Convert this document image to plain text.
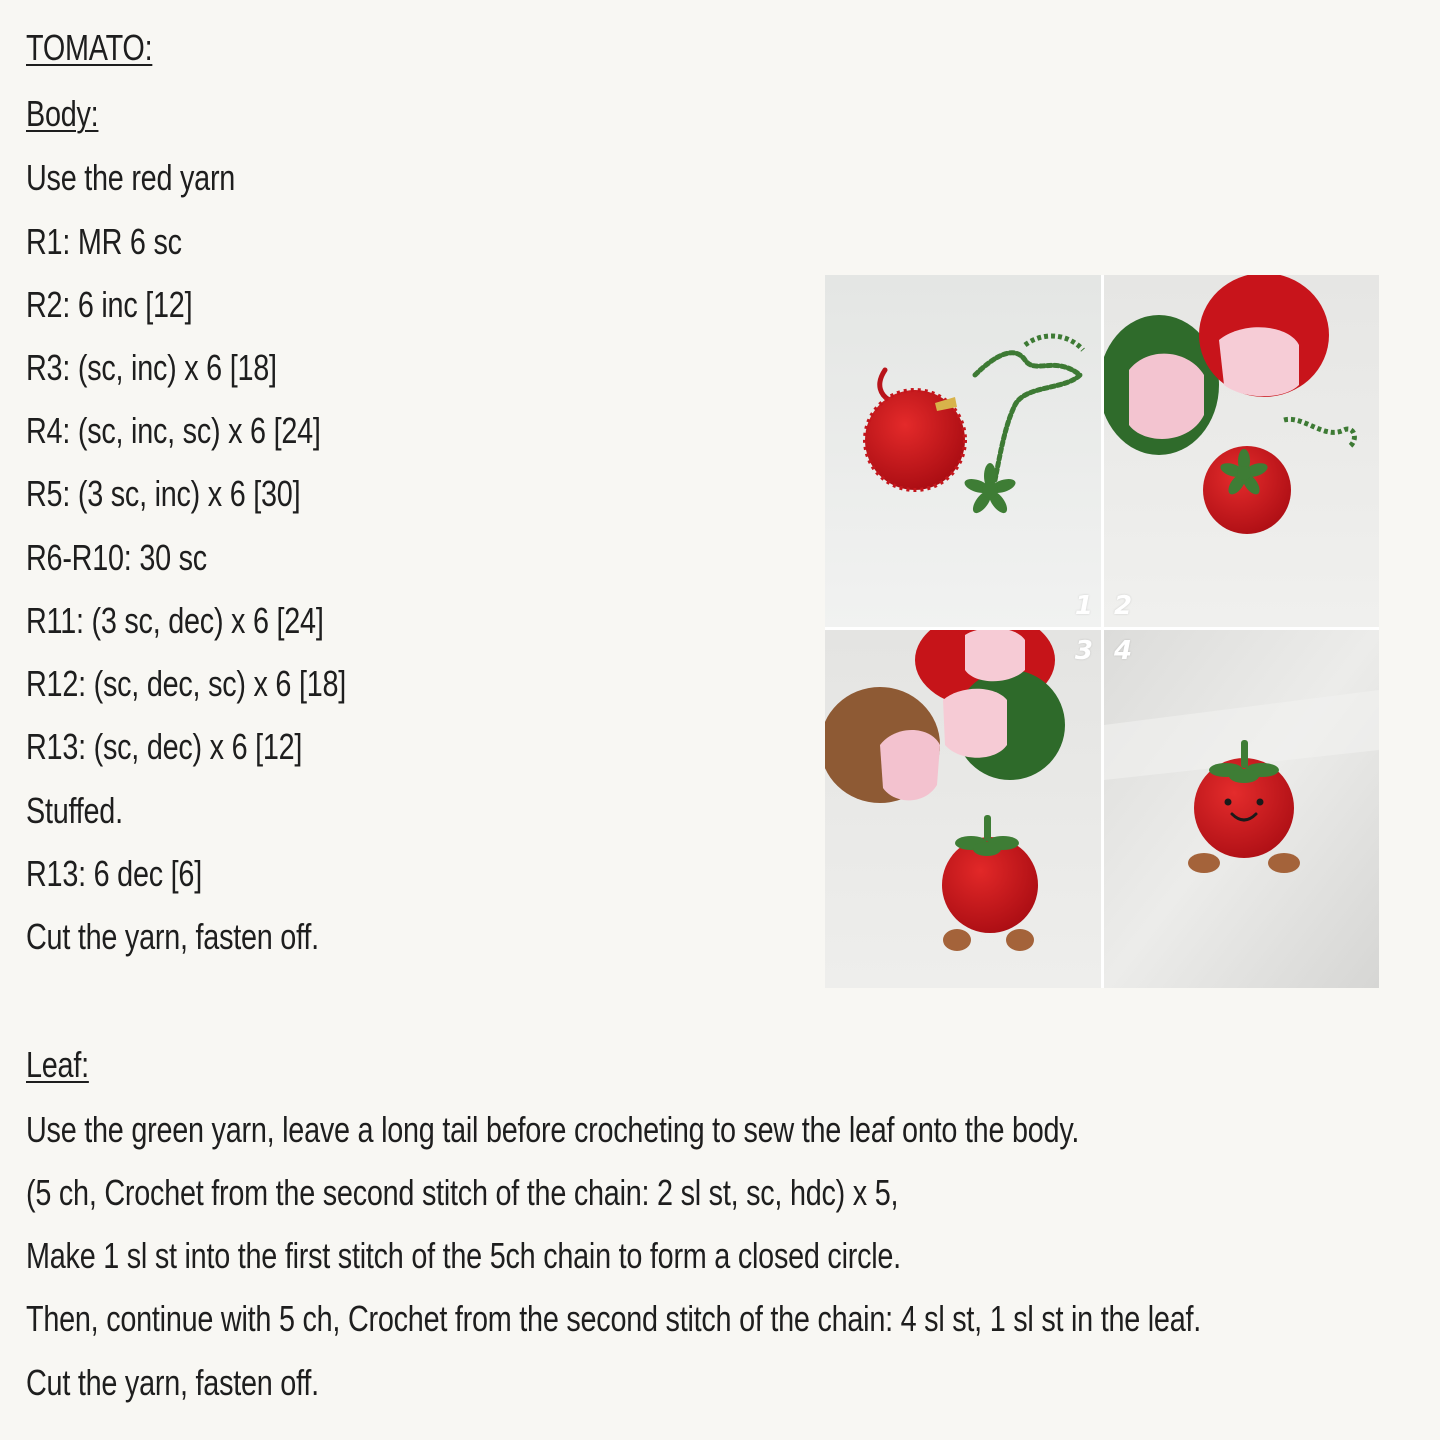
TOMATO:
Body:
Use the red yarn
R1: MR 6 sc
R2: 6 inc [12]
R3: (sc, inc) x 6 [18]
R4: (sc, inc, sc) x 6 [24]
R5: (3 sc, inc) x 6 [30]
R6-R10: 30 sc
R11: (3 sc, dec) x 6 [24]
R12: (sc, dec, sc) x 6 [18]
R13: (sc, dec) x 6 [12]
Stuffed.
R13: 6 dec [6]
Cut the yarn, fasten off.
Leaf:
Use the green yarn, leave a long tail before crocheting to sew the leaf onto the body.
(5 ch, Crochet from the second stitch of the chain: 2 sl st, sc, hdc) x 5,
Make 1 sl st into the first stitch of the 5ch chain to form a closed circle.
Then, continue with 5 ch, Crochet from the second stitch of the chain: 4 sl st, 1 sl st in the leaf.
Cut the yarn, fasten off.
1 2
3 4
